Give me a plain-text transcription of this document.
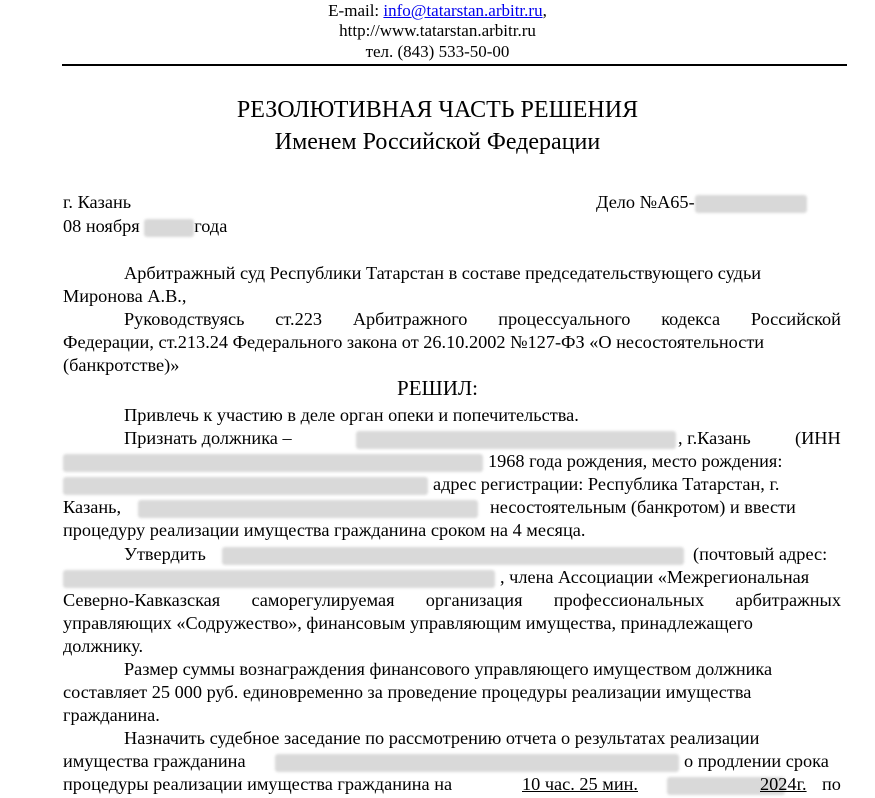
E-mail: info@tatarstan.arbitr.ru,
http://www.tatarstan.arbitr.ru
тел. (843) 533-50-00
РЕЗОЛЮТИВНАЯ ЧАСТЬ РЕШЕНИЯ
Именем Российской Федерации
г. Казань	Дело №А65-
08 ноября	года
Арбитражный суд Республики Татарстан в составе председательствующего судьи
Миронова А.В.,
Руководствуясь ст.223 Арбитражного процессуального кодекса Российской
Федерации, ст.213.24 Федерального закона от 26.10.2002 №127-ФЗ «О несостоятельности
(банкротстве)»
РЕШИЛ:
Привлечь к участию в деле орган опеки и попечительства.
Признать должника –	, г.Казань (ИНН
1968 года рождения, место рождения:
адрес регистрации: Республика Татарстан, г.
Казань,	несостоятельным (банкротом) и ввести
процедуру реализации имущества гражданина сроком на 4 месяца.
Утвердить	(почтовый адрес:
, члена Ассоциации «Межрегиональная
Северно-Кавказская саморегулируемая организация профессиональных арбитражных
управляющих «Содружество», финансовым управляющим имущества, принадлежащего
должнику.
Размер суммы вознаграждения финансового управляющего имуществом должника
составляет 25 000 руб. единовременно за проведение процедуры реализации имущества
гражданина.
Назначить судебное заседание по рассмотрению отчета о результатах реализации
имущества гражданина	о продлении срока
процедуры реализации имущества гражданина на	10 час. 25 мин.	2024г. по
